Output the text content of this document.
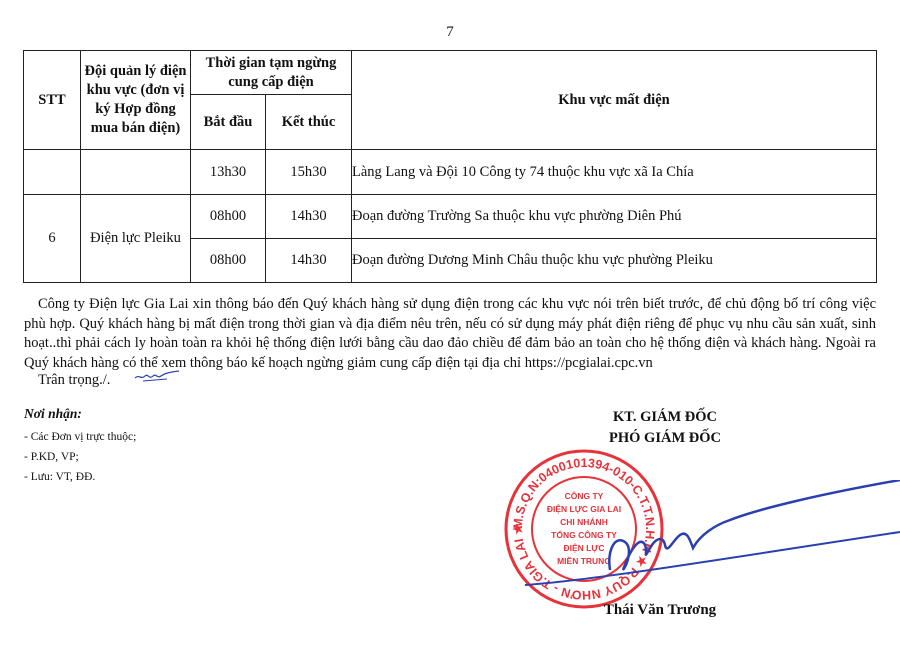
7
STT	Đội quản lý điện khu vực (đơn vị ký Hợp đồng mua bán điện)	Thời gian tạm ngừng cung cấp điện		Khu vực mất điện
		Bắt đầu	Kết thúc	
		13h30	15h30	Làng Lang và Đội 10 Công ty 74 thuộc khu vực xã Ia Chía
6	Điện lực Pleiku	08h00	14h30	Đoạn đường Trường Sa thuộc khu vực phường Diên Phú
		08h00	14h30	Đoạn đường Dương Minh Châu thuộc khu vực phường Pleiku

Công ty Điện lực Gia Lai xin thông báo đến Quý khách hàng sử dụng điện trong các khu vực nói trên biết trước, để chủ động bố trí công việc phù hợp. Quý khách hàng bị mất điện trong thời gian và địa điểm nêu trên, nếu có sử dụng máy phát điện riêng để phục vụ nhu cầu sản xuất, sinh hoạt..thì phải cách ly hoàn toàn ra khỏi hệ thống điện lưới bằng cầu dao đảo chiều để đảm bảo an toàn cho hệ thống điện và khách hàng. Ngoài ra Quý khách hàng có thể xem thông báo kế hoạch ngừng giảm cung cấp điện tại địa chỉ https://pcgialai.cpc.vn

Trân trọng./.
Nơi nhận:
- Các Đơn vị trực thuộc;
- P.KD, VP;
- Lưu: VT, ĐĐ.
KT. GIÁM ĐỐC
PHÓ GIÁM ĐỐC
M.S.Q.N:0400101394-010-C.T.T.N.H.H ★ P.QUY NHƠN - T.GIA LAI ★
CÔNG TY
ĐIỆN LỰC GIA LAI
CHI NHÁNH
TỔNG CÔNG TY
ĐIỆN LỰC
MIỀN TRUNG
Thái Văn Trương
